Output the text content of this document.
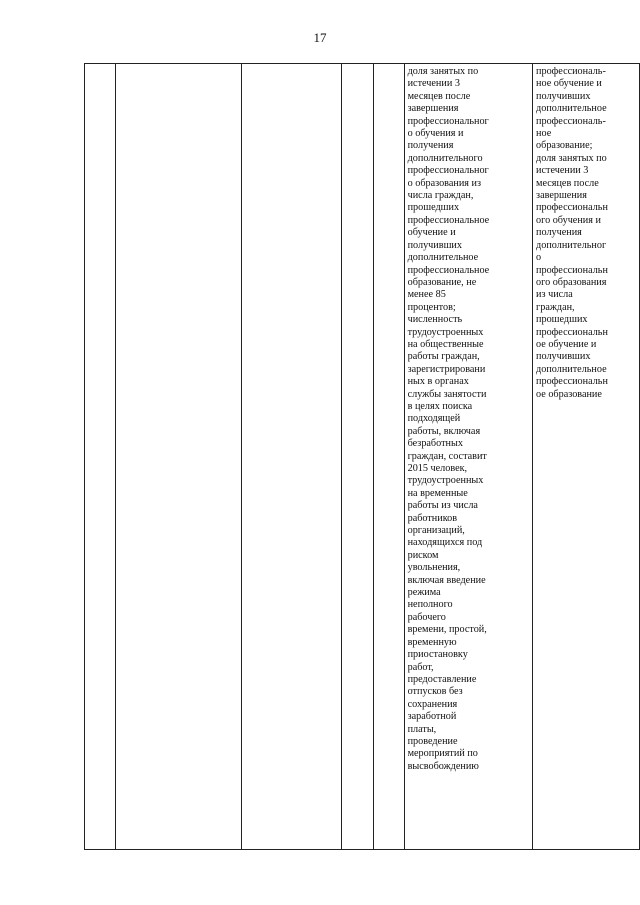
17

доля занятых по
истечении 3
месяцев после
завершения
профессиональног
о обучения и
получения
дополнительного
профессиональног
о образования из
числа граждан,
прошедших
профессиональное
обучение и
получивших
дополнительное
профессиональное
образование, не
менее 85
процентов;
численность
трудоустроенных
на общественные
работы граждан,
зарегистрировани
ных в органах
службы занятости
в целях поиска
подходящей
работы, включая
безработных
граждан, составит
2015 человек,
трудоустроенных
на временные
работы из числа
работников
организаций,
находящихся под
риском
увольнения,
включая введение
режима
неполного
рабочего
времени, простой,
временную
приостановку
работ,
предоставление
отпусков без
сохранения
заработной
платы,
проведение
мероприятий по
высвобождению

профессиональ-
ное обучение и
получивших
дополнительное
профессиональ-
ное
образование;
доля занятых по
истечении 3
месяцев после
завершения
профессиональн
ого обучения и
получения
дополнительног
о
профессиональн
ого образования
из числа
граждан,
прошедших
профессиональн
ое обучение и
получивших
дополнительное
профессиональн
ое образование
